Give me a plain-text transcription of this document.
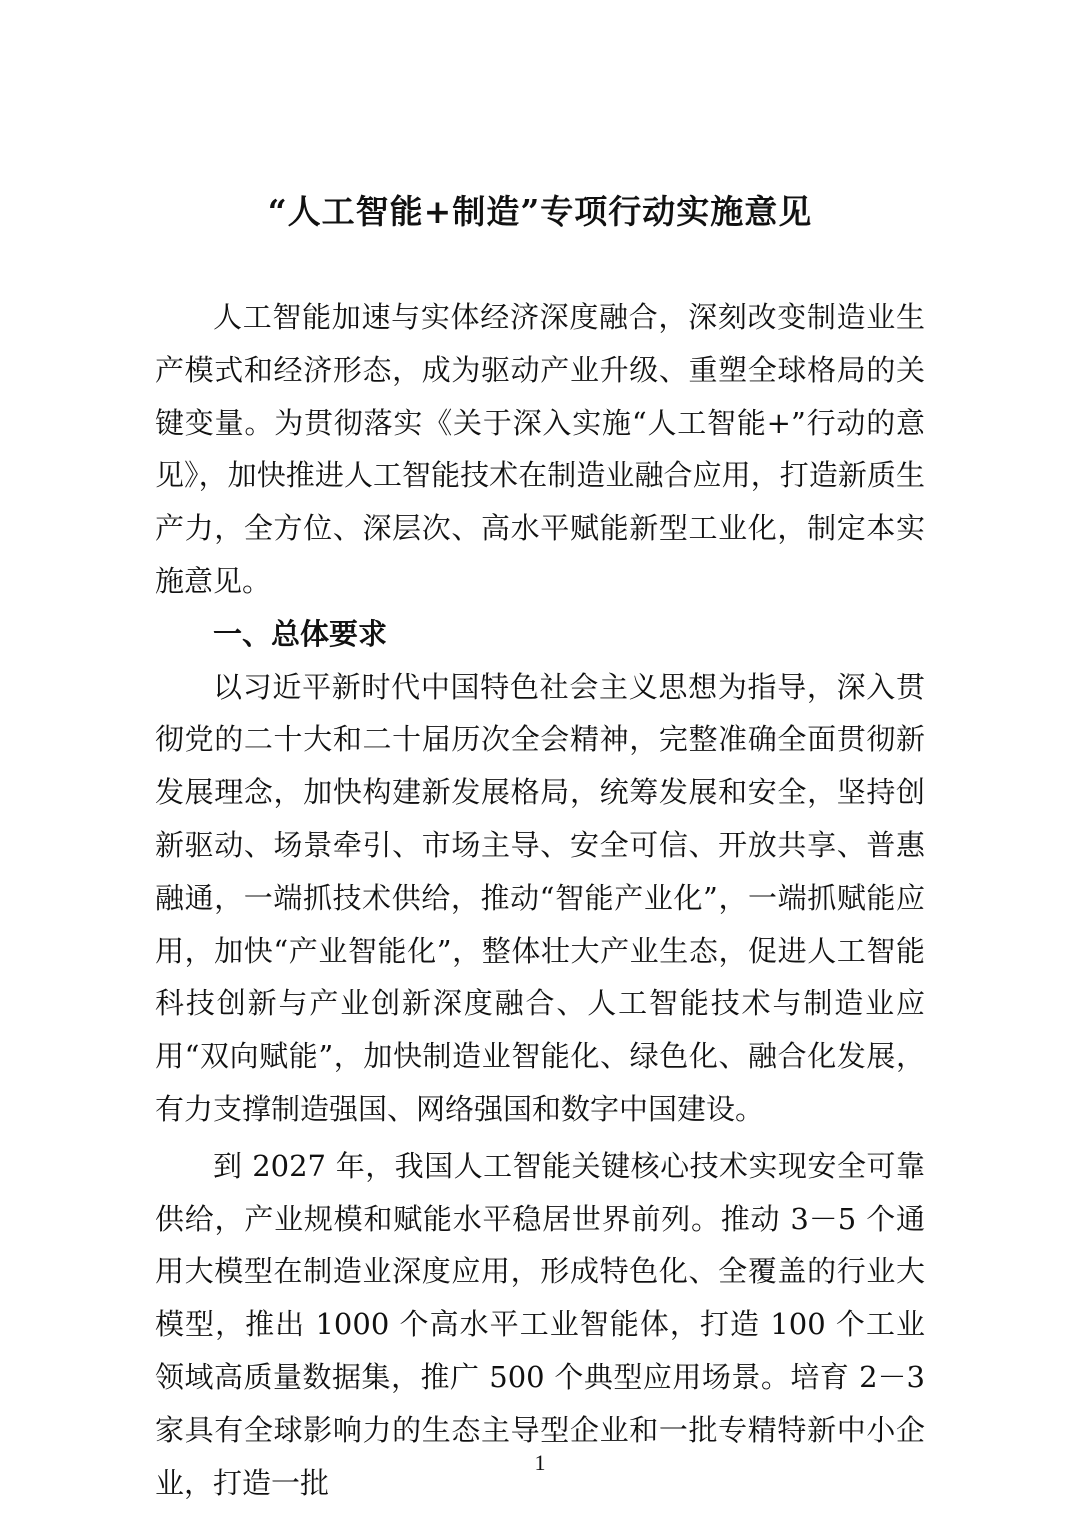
“人工智能+制造”专项行动实施意见

人工智能加速与实体经济深度融合，深刻改变制造业生产模式和经济形态，成为驱动产业升级、重塑全球格局的关键变量。为贯彻落实《关于深入实施“人工智能+”行动的意见》，加快推进人工智能技术在制造业融合应用，打造新质生产力，全方位、深层次、高水平赋能新型工业化，制定本实施意见。

一、总体要求

以习近平新时代中国特色社会主义思想为指导，深入贯彻党的二十大和二十届历次全会精神，完整准确全面贯彻新发展理念，加快构建新发展格局，统筹发展和安全，坚持创新驱动、场景牵引、市场主导、安全可信、开放共享、普惠融通，一端抓技术供给，推动“智能产业化”，一端抓赋能应用，加快“产业智能化”，整体壮大产业生态，促进人工智能科技创新与产业创新深度融合、人工智能技术与制造业应用“双向赋能”，加快制造业智能化、绿色化、融合化发展，有力支撑制造强国、网络强国和数字中国建设。

到 2027 年，我国人工智能关键核心技术实现安全可靠供给，产业规模和赋能水平稳居世界前列。推动 3－5 个通用大模型在制造业深度应用，形成特色化、全覆盖的行业大模型，推出 1000 个高水平工业智能体，打造 100 个工业领域高质量数据集，推广 500 个典型应用场景。培育 2－3 家具有全球影响力的生态主导型企业和一批专精特新中小企业，打造一批

1
